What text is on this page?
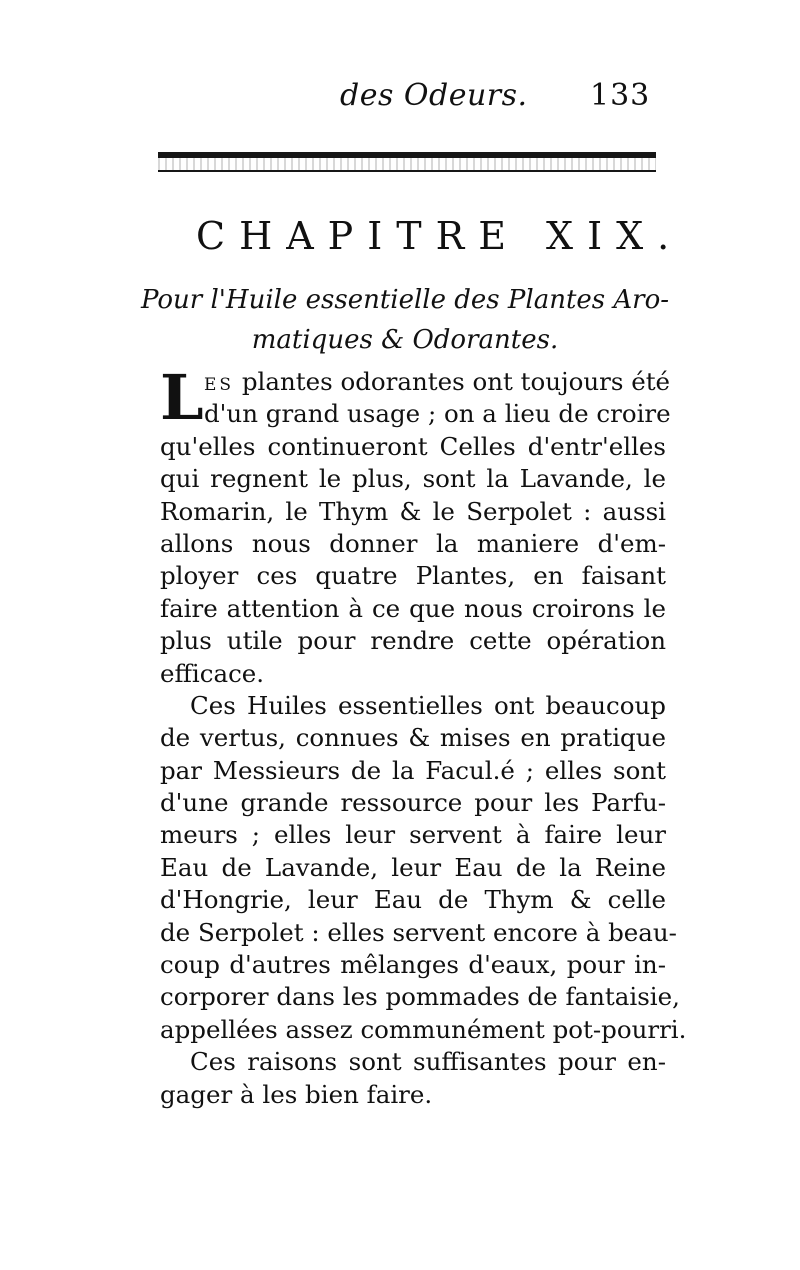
des Odeurs. 133
CHAPITRE XIX.
Pour l'Huile essentielle des Plantes Aro-
matiques & Odorantes.
L ES plantes odorantes ont toujours été
d'un grand usage ; on a lieu de croire
qu'elles continueront Celles d'entr'elles
qui regnent le plus, sont la Lavande, le
Romarin, le Thym & le Serpolet : aussi
allons nous donner la maniere d'em-
ployer ces quatre Plantes, en faisant
faire attention à ce que nous croirons le
plus utile pour rendre cette opération
efficace.
Ces Huiles essentielles ont beaucoup
de vertus, connues & mises en pratique
par Messieurs de la Facul.é ; elles sont
d'une grande ressource pour les Parfu-
meurs ; elles leur servent à faire leur
Eau de Lavande, leur Eau de la Reine
d'Hongrie, leur Eau de Thym & celle
de Serpolet : elles servent encore à beau-
coup d'autres mêlanges d'eaux, pour in-
corporer dans les pommades de fantaisie,
appellées assez communément pot-pourri.
Ces raisons sont suffisantes pour en-
gager à les bien faire.
